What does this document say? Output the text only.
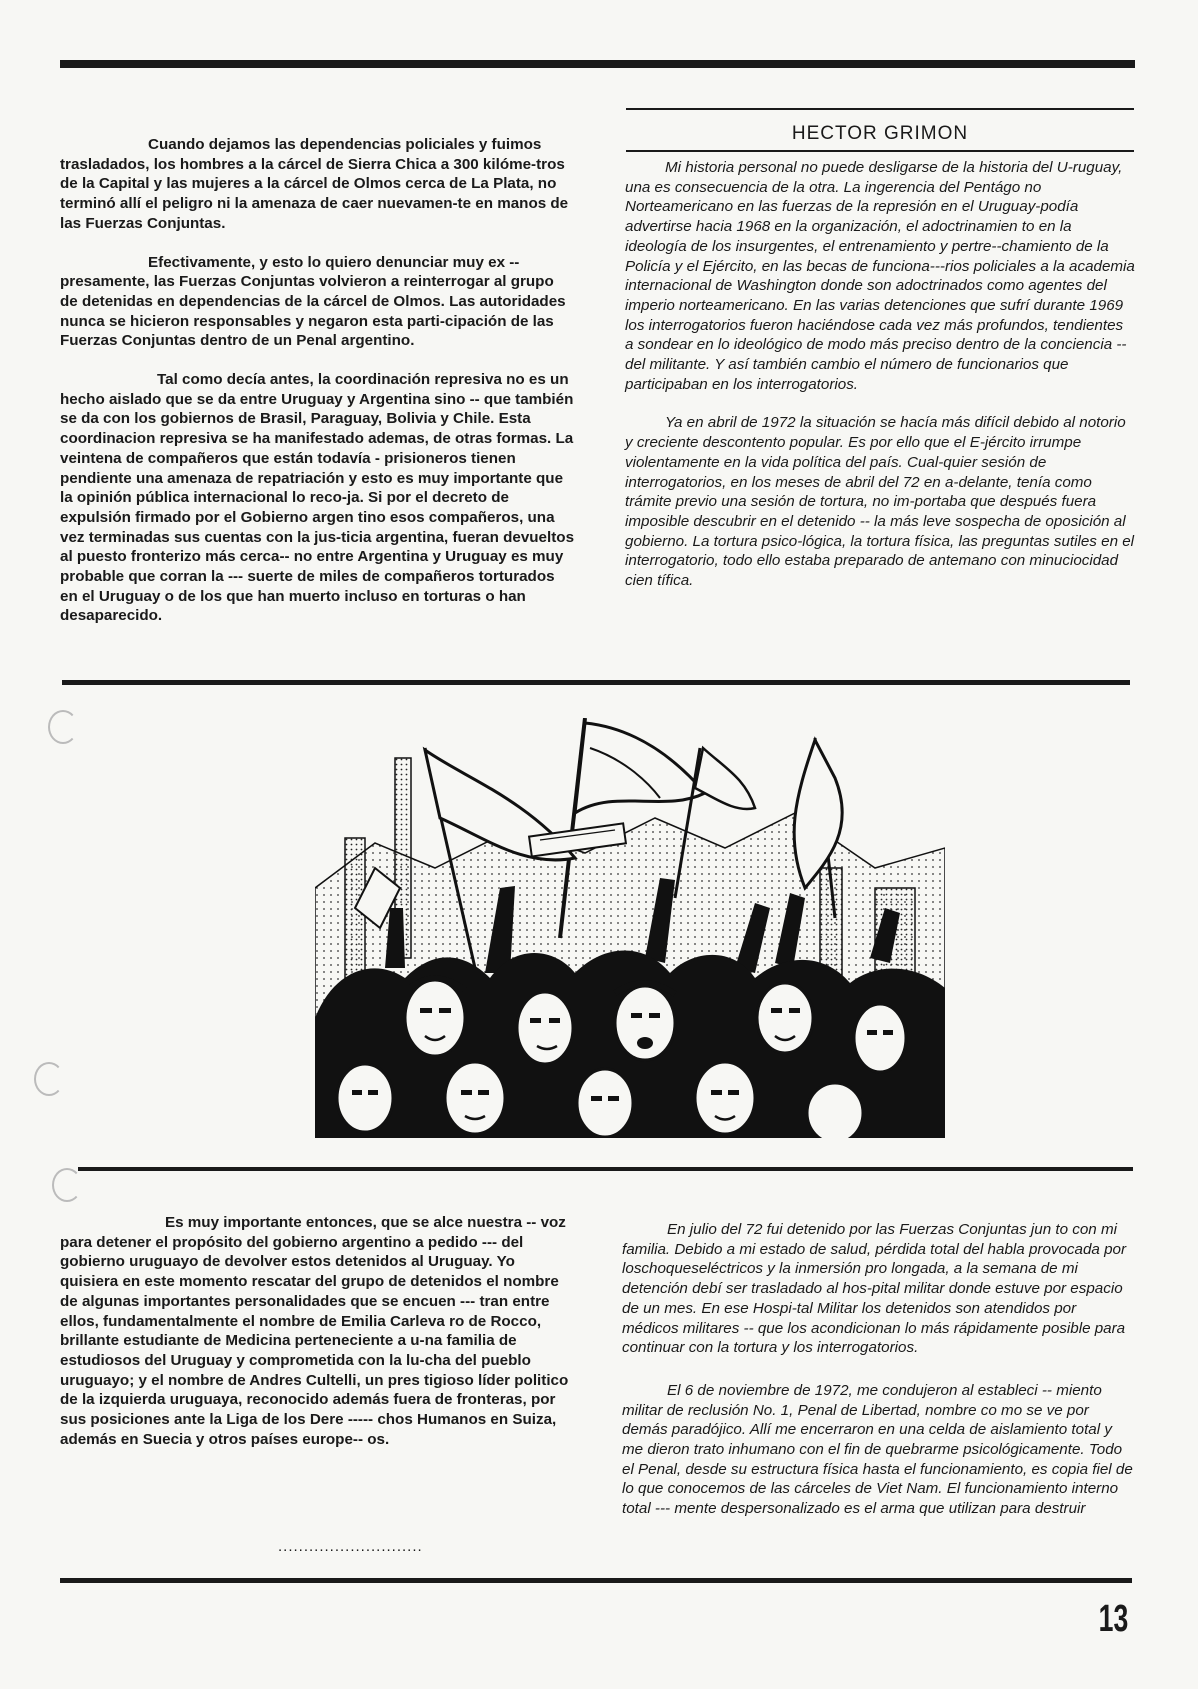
Cuando dejamos las dependencias policiales y fuimos trasladados, los hombres a la cárcel de Sierra Chica a 300 kilóme-tros de la Capital y las mujeres a la cárcel de Olmos cerca de La Plata, no terminó allí el peligro ni la amenaza de caer nuevamen-te en manos de las Fuerzas Conjuntas.

Efectivamente, y esto lo quiero denunciar muy ex -- presamente, las Fuerzas Conjuntas volvieron a reinterrogar al grupo de detenidas en dependencias de la cárcel de Olmos. Las autoridades nunca se hicieron responsables y negaron esta parti-cipación de las Fuerzas Conjuntas dentro de un Penal argentino.

Tal como decía antes, la coordinación represiva no es un hecho aislado que se da entre Uruguay y Argentina sino -- que también se da con los gobiernos de Brasil, Paraguay, Bolivia y Chile. Esta coordinacion represiva se ha manifestado ademas, de otras formas. La veintena de compañeros que están todavía - prisioneros tienen pendiente una amenaza de repatriación y esto es muy importante que la opinión pública internacional lo reco-ja. Si por el decreto de expulsión firmado por el Gobierno argen tino esos compañeros, una vez terminadas sus cuentas con la jus-ticia argentina, fueran devueltos al puesto fronterizo más cerca-- no entre Argentina y Uruguay es muy probable que corran la --- suerte de miles de compañeros torturados en el Uruguay o de los que han muerto incluso en torturas o han desaparecido.

HECTOR GRIMON

Mi historia personal no puede desligarse de la historia del U-ruguay, una es consecuencia de la otra. La ingerencia del Pentágo no Norteamericano en las fuerzas de la represión en el Uruguay-podía advertirse hacia 1968 en la organización, el adoctrinamien to en la ideología de los insurgentes, el entrenamiento y pertre--chamiento de la Policía y el Ejército, en las becas de funciona---rios policiales a la academia internacional de Washington donde son adoctrinados como agentes del imperio norteamericano. En las varias detenciones que sufrí durante 1969 los interrogatorios fueron haciéndose cada vez más profundos, tendientes a sondear en lo ideológico de modo más preciso dentro de la conciencia -- del militante. Y así también cambio el número de funcionarios que participaban en los interrogatorios.

Ya en abril de 1972 la situación se hacía más difícil debido al notorio y creciente descontento popular. Es por ello que el E-jército irrumpe violentamente en la vida política del país. Cual-quier sesión de interrogatorios, en los meses de abril del 72 en a-delante, tenía como trámite previo una sesión de tortura, no im-portaba que después fuera imposible descubrir en el detenido -- la más leve sospecha de oposición al gobierno. La tortura psico-lógica, la tortura física, las preguntas sutiles en el interrogatorio, todo ello estaba preparado de antemano con minuciocidad cien tífica.

Es muy importante entonces, que se alce nuestra -- voz para detener el propósito del gobierno argentino a pedido --- del gobierno uruguayo de devolver estos detenidos al Uruguay. Yo quisiera en este momento rescatar del grupo de detenidos el nombre de algunas importantes personalidades que se encuen --- tran entre ellos, fundamentalmente el nombre de Emilia Carleva ro de Rocco, brillante estudiante de Medicina perteneciente a u-na familia de estudiosos del Uruguay y comprometida con la lu-cha del pueblo uruguayo; y el nombre de Andres Cultelli, un pres tigioso líder politico de la izquierda uruguaya, reconocido además fuera de fronteras, por sus posiciones ante la Liga de los Dere ----- chos Humanos en Suiza, además en Suecia y otros países europe-- os.

............................

En julio del 72 fui detenido por las Fuerzas Conjuntas jun to con mi familia. Debido a mi estado de salud, pérdida total del habla provocada por loschoqueseléctricos y la inmersión pro longada, a la semana de mi detención debí ser trasladado al hos-pital militar donde estuve por espacio de un mes. En ese Hospi-tal Militar los detenidos son atendidos por médicos militares -- que los acondicionan lo más rápidamente posible para continuar con la tortura y los interrogatorios.

El 6 de noviembre de 1972, me condujeron al estableci -- miento militar de reclusión No. 1, Penal de Libertad, nombre co mo se ve por demás paradójico. Allí me encerraron en una celda de aislamiento total y me dieron trato inhumano con el fin de quebrarme psicológicamente. Todo el Penal, desde su estructura física hasta el funcionamiento, es copia fiel de lo que conocemos de las cárceles de Viet Nam. El funcionamiento interno total --- mente despersonalizado es el arma que utilizan para destruir

13
